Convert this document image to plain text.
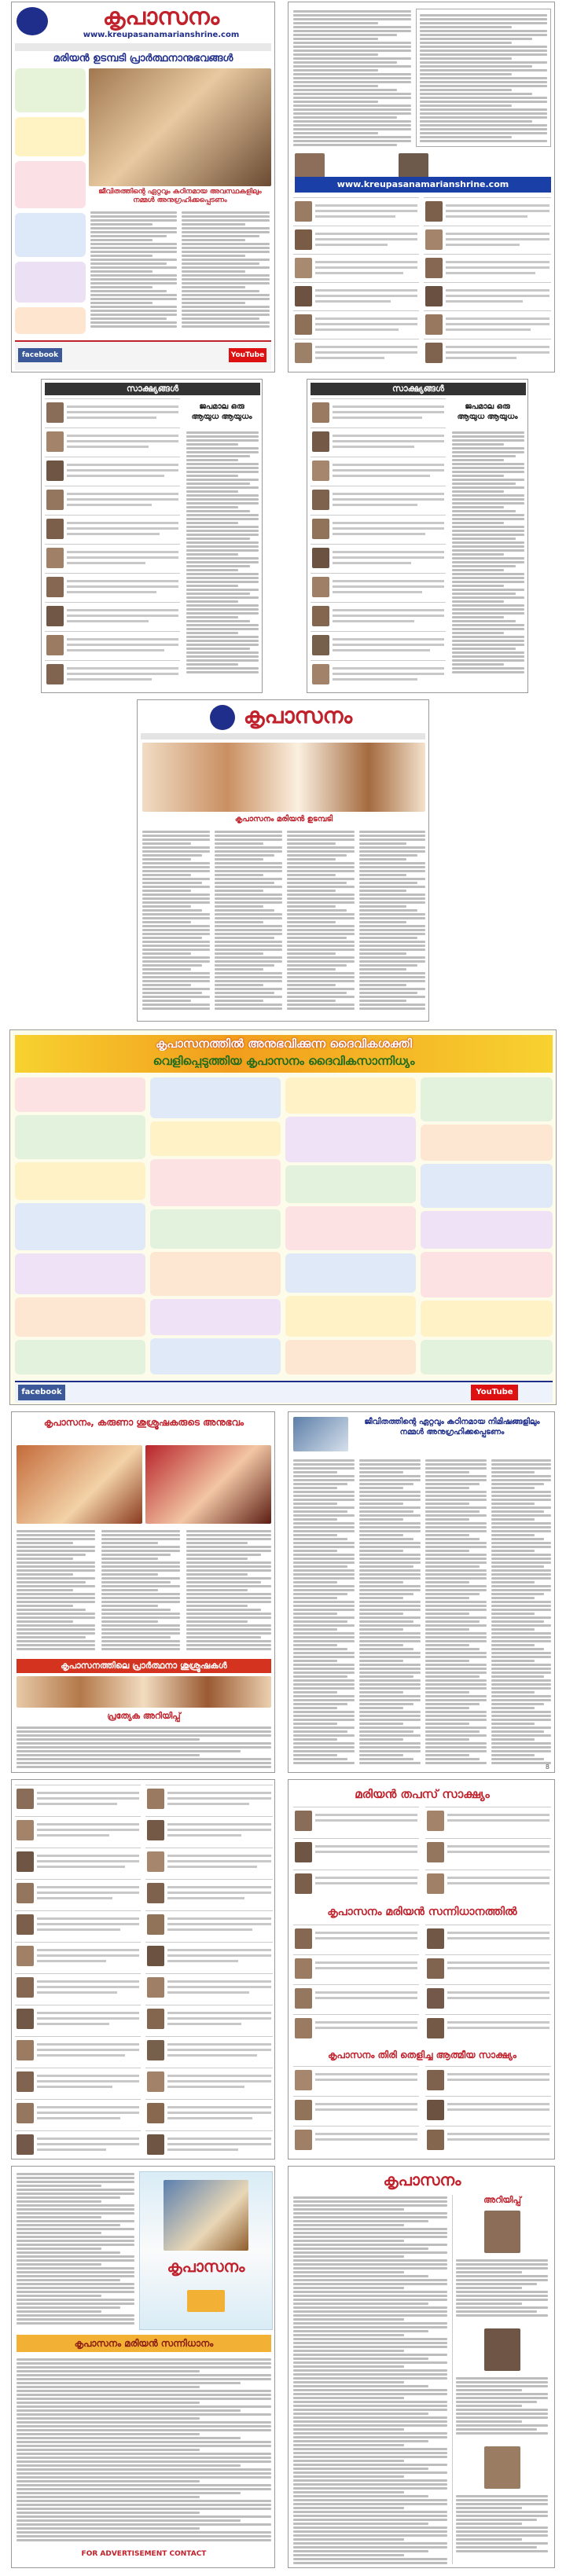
കൃപാസനം
www.kreupasanamarianshrine.com
മരിയൻ ഉടമ്പടി പ്രാർത്ഥനാനുഭവങ്ങൾ
ജീവിതത്തിന്റെ ഏറ്റവും കഠിനമായ അവസ്ഥകളിലും നമ്മൾ അനുഗ്രഹിക്കപ്പെടണം
facebook	YouTube
www.kreupasanamarianshrine.com
സാക്ഷ്യങ്ങൾ
ജപമാല ഒരു ആയുധ ആയുധം
സാക്ഷ്യങ്ങൾ
ജപമാല ഒരു ആയുധ ആയുധം
കൃപാസനം
കൃപാസനം മരിയൻ ഉടമ്പടി
കൃപാസനത്തിൽ അനുഭവിക്കുന്ന ദൈവികശക്തി
വെളിപ്പെടുത്തിയ കൃപാസനം ദൈവികസാന്നിധ്യം
facebook	YouTube
കൃപാസനം, കരുണാ ശുശ്രൂഷകരുടെ അനുഭവം
കൃപാസനത്തിലെ പ്രാർത്ഥനാ ശുശ്രൂഷകൾ
പ്രത്യേക അറിയിപ്പ്
ജീവിതത്തിന്റെ ഏറ്റവും കഠിനമായ നിമിഷങ്ങളിലും നമ്മൾ അനുഗ്രഹിക്കപ്പെടണം
8
മരിയൻ തപസ് സാക്ഷ്യം
കൃപാസനം മരിയൻ സന്നിധാനത്തിൽ
കൃപാസനം തിരി തെളിച്ച ആത്മീയ സാക്ഷ്യം
കൃപാസനം
കൃപാസനം മരിയൻ സന്നിധാനം
FOR ADVERTISEMENT CONTACT
കൃപാസനം
അറിയിപ്പ്
